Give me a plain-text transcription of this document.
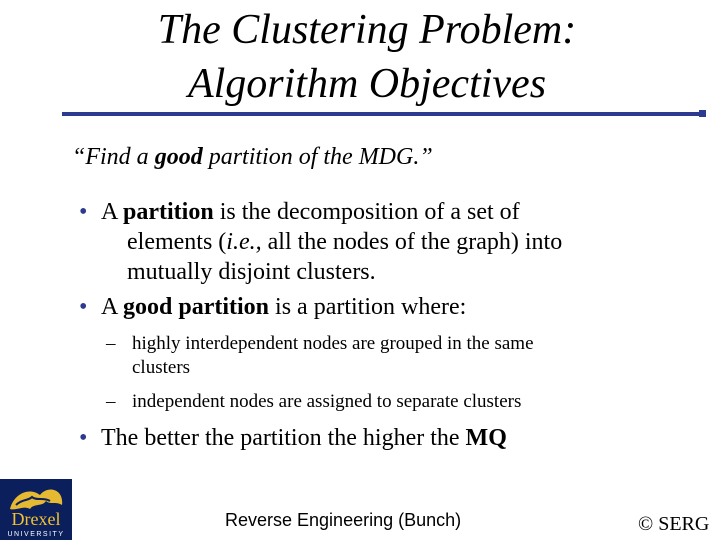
The Clustering Problem:
Algorithm Objectives
“Find a good partition of the MDG.”
• A partition is the decomposition of a set of
elements (i.e., all the nodes of the graph) into
mutually disjoint clusters.
• A good partition is a partition where:
– highly interdependent nodes are grouped in the same
clusters
– independent nodes are assigned to separate clusters
• The better the partition the higher the MQ
Drexel
UNIVERSITY
Reverse Engineering (Bunch)	© SERG
